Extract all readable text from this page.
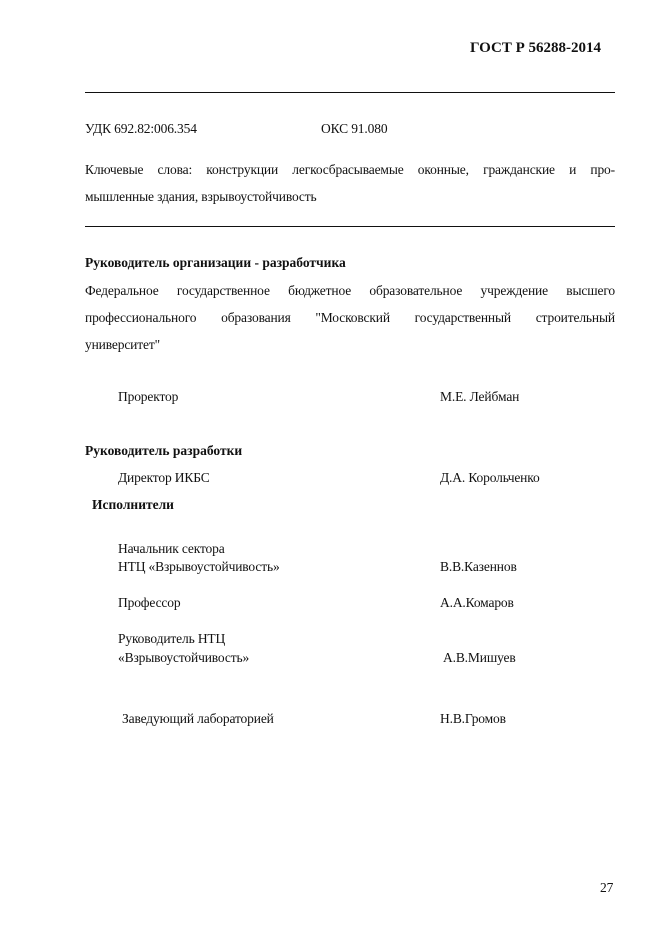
ГОСТ Р 56288-2014
УДК 692.82:006.354	ОКС 91.080
Ключевые слова: конструкции легкосбрасываемые оконные, гражданские и про-
мышленные здания, взрывоустойчивость
Руководитель организации - разработчика
Федеральное государственное бюджетное образовательное учреждение высшего
профессионального образования "Московский государственный строительный
университет"
Проректор	М.Е. Лейбман
Руководитель разработки
Директор ИКБС	Д.А. Корольченко
Исполнители
Начальник сектора
НТЦ «Взрывоустойчивость»	В.В.Казеннов
Профессор	А.А.Комаров
Руководитель НТЦ
«Взрывоустойчивость»	А.В.Мишуев
Заведующий лабораторией	Н.В.Громов
27
